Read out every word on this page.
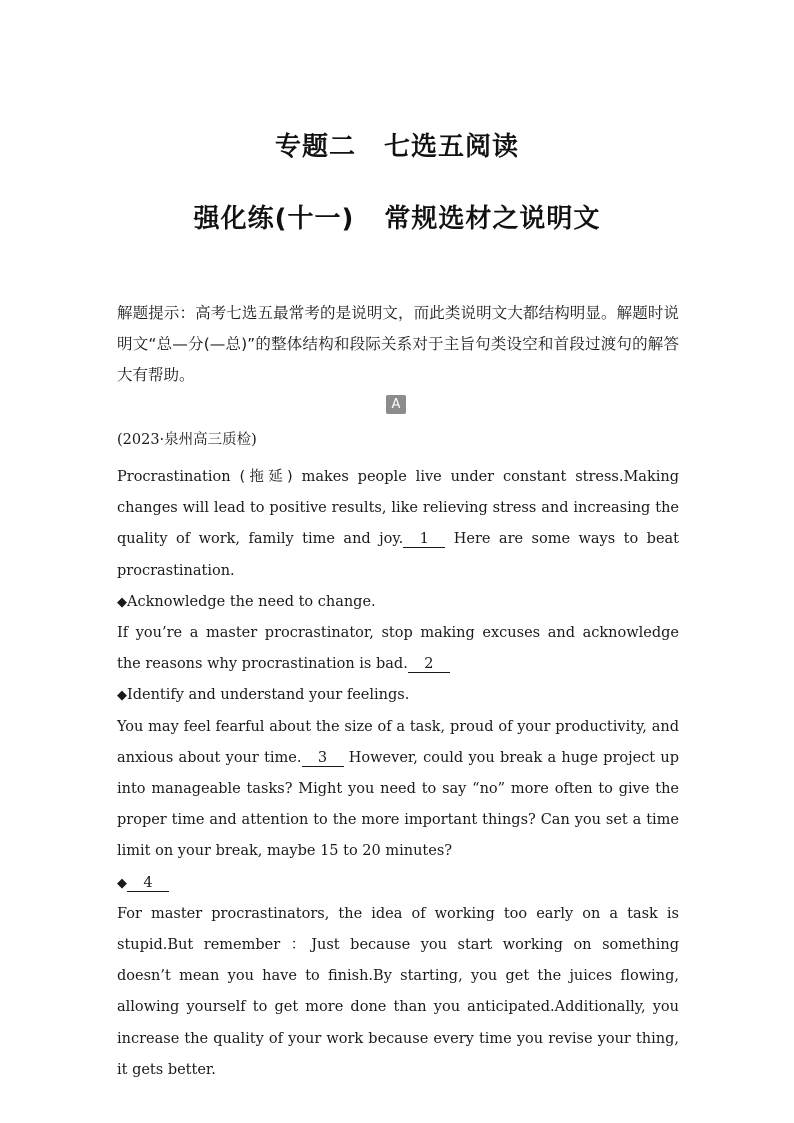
专题二 七选五阅读
强化练(十一) 常规选材之说明文
解题提示：高考七选五最常考的是说明文，而此类说明文大都结构明显。解题时说明文“总—分(—总)”的整体结构和段际关系对于主旨句类设空和首段过渡句的解答大有帮助。
A
(2023·泉州高三质检)

Procrastination (拖延) makes people live under constant stress.Making changes will lead to positive results, like relieving stress and increasing the quality of work, family time and joy. 1 Here are some ways to beat procrastination.

◆Acknowledge the need to change.

If you’re a master procrastinator, stop making excuses and acknowledge the reasons why procrastination is bad. 2

◆Identify and understand your feelings.

You may feel fearful about the size of a task, proud of your productivity, and anxious about your time. 3 However, could you break a huge project up into manageable tasks? Might you need to say “no” more often to give the proper time and attention to the more important things? Can you set a time limit on your break, maybe 15 to 20 minutes?

◆ 4

For master procrastinators, the idea of working too early on a task is stupid.But remember ：Just because you start working on something doesn’t mean you have to finish.By starting, you get the juices flowing, allowing yourself to get more done than you anticipated.Additionally, you increase the quality of your work because every time you revise your thing, it gets better.
